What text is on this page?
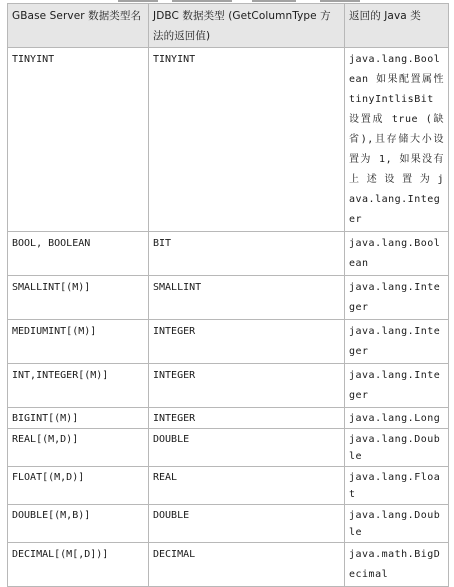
GBase Server 数据类型名	JDBC 数据类型 (GetColumnType 方法的返回值)	返回的 Java 类
TINYINT	TINYINT	java.lang.Boolean 如果配置属性 tinyIntlisBit 设置成 true (缺省),且存储大小设置为 1, 如果没有上 述 设 置 为 java.lang.Integer
BOOL, BOOLEAN	BIT	java.lang.Boolean
SMALLINT[(M)]	SMALLINT	java.lang.Integer
MEDIUMINT[(M)]	INTEGER	java.lang.Integer
INT,INTEGER[(M)]	INTEGER	java.lang.Integer
BIGINT[(M)]	INTEGER	java.lang.Long
REAL[(M,D)]	DOUBLE	java.lang.Double
FLOAT[(M,D)]	REAL	java.lang.Float
DOUBLE[(M,B)]	DOUBLE	java.lang.Double
DECIMAL[(M[,D])]	DECIMAL	java.math.BigDecimal
